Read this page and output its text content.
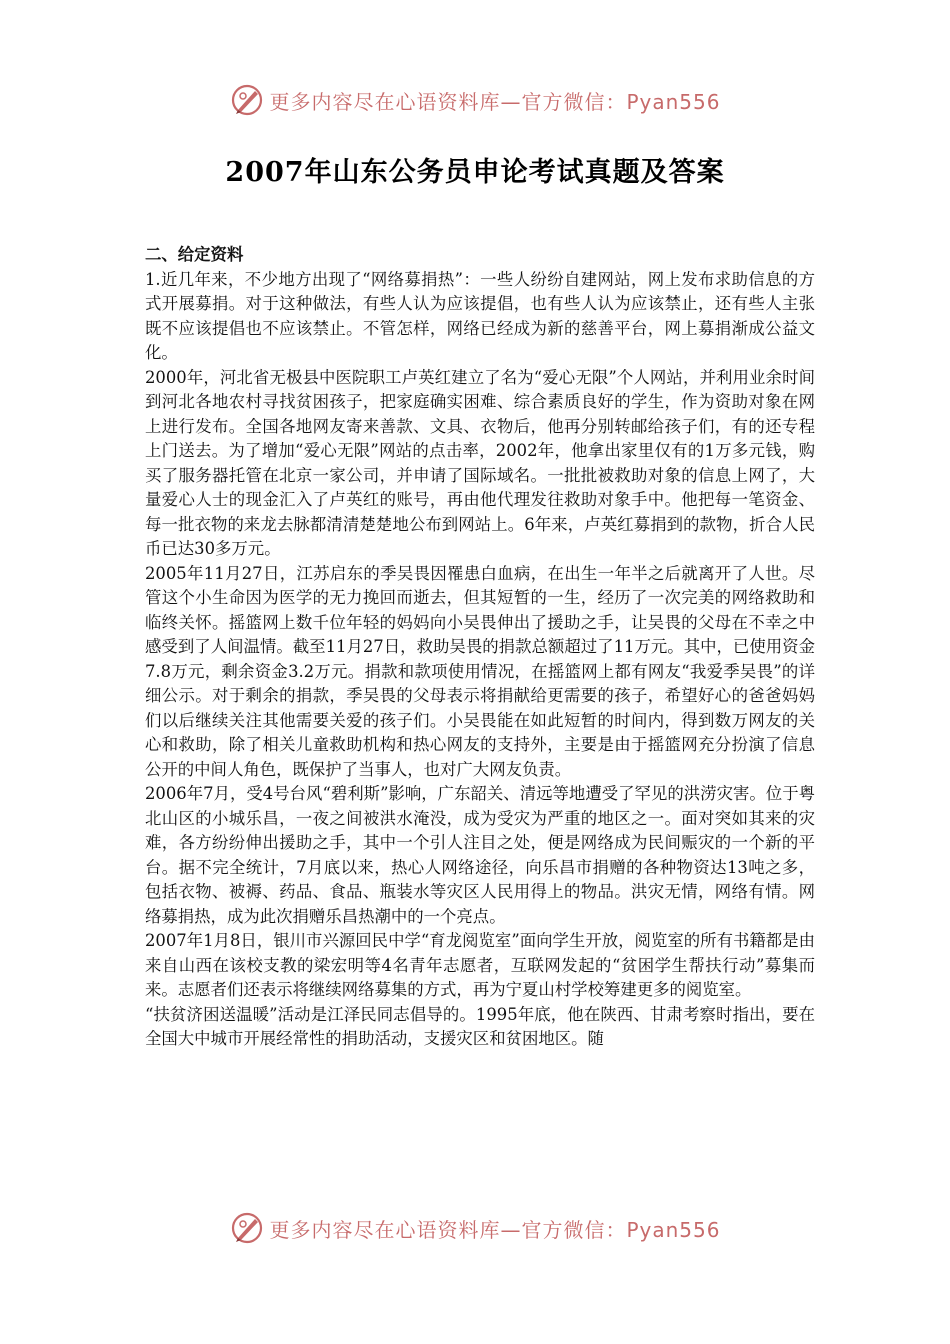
更多内容尽在心语资料库—官方微信：Pyan556
2007年山东公务员申论考试真题及答案
二、给定资料

1.近几年来，不少地方出现了“网络募捐热”：一些人纷纷自建网站，网上发布求助信息的方式开展募捐。对于这种做法，有些人认为应该提倡，也有些人认为应该禁止，还有些人主张既不应该提倡也不应该禁止。不管怎样，网络已经成为新的慈善平台，网上募捐渐成公益文化。

2000年，河北省无极县中医院职工卢英红建立了名为“爱心无限”个人网站，并利用业余时间到河北各地农村寻找贫困孩子，把家庭确实困难、综合素质良好的学生，作为资助对象在网上进行发布。全国各地网友寄来善款、文具、衣物后，他再分别转邮给孩子们，有的还专程上门送去。为了增加“爱心无限”网站的点击率，2002年，他拿出家里仅有的1万多元钱，购买了服务器托管在北京一家公司，并申请了国际域名。一批批被救助对象的信息上网了，大量爱心人士的现金汇入了卢英红的账号，再由他代理发往救助对象手中。他把每一笔资金、每一批衣物的来龙去脉都清清楚楚地公布到网站上。6年来，卢英红募捐到的款物，折合人民币已达30多万元。

2005年11月27日，江苏启东的季吴畏因罹患白血病，在出生一年半之后就离开了人世。尽管这个小生命因为医学的无力挽回而逝去，但其短暂的一生，经历了一次完美的网络救助和临终关怀。摇篮网上数千位年轻的妈妈向小吴畏伸出了援助之手，让吴畏的父母在不幸之中感受到了人间温情。截至11月27日，救助吴畏的捐款总额超过了11万元。其中，已使用资金7.8万元，剩余资金3.2万元。捐款和款项使用情况，在摇篮网上都有网友“我爱季吴畏”的详细公示。对于剩余的捐款，季吴畏的父母表示将捐献给更需要的孩子，希望好心的爸爸妈妈们以后继续关注其他需要关爱的孩子们。小吴畏能在如此短暂的时间内，得到数万网友的关心和救助，除了相关儿童救助机构和热心网友的支持外，主要是由于摇篮网充分扮演了信息公开的中间人角色，既保护了当事人，也对广大网友负责。

2006年7月，受4号台风“碧利斯”影响，广东韶关、清远等地遭受了罕见的洪涝灾害。位于粤北山区的小城乐昌，一夜之间被洪水淹没，成为受灾为严重的地区之一。面对突如其来的灾难，各方纷纷伸出援助之手，其中一个引人注目之处，便是网络成为民间赈灾的一个新的平台。据不完全统计，7月底以来，热心人网络途径，向乐昌市捐赠的各种物资达13吨之多，包括衣物、被褥、药品、食品、瓶装水等灾区人民用得上的物品。洪灾无情，网络有情。网络募捐热，成为此次捐赠乐昌热潮中的一个亮点。

2007年1月8日，银川市兴源回民中学“育龙阅览室”面向学生开放，阅览室的所有书籍都是由来自山西在该校支教的梁宏明等4名青年志愿者，互联网发起的“贫困学生帮扶行动”募集而来。志愿者们还表示将继续网络募集的方式，再为宁夏山村学校筹建更多的阅览室。

“扶贫济困送温暖”活动是江泽民同志倡导的。1995年底，他在陕西、甘肃考察时指出，要在全国大中城市开展经常性的捐助活动，支援灾区和贫困地区。随

更多内容尽在心语资料库—官方微信：Pyan556
